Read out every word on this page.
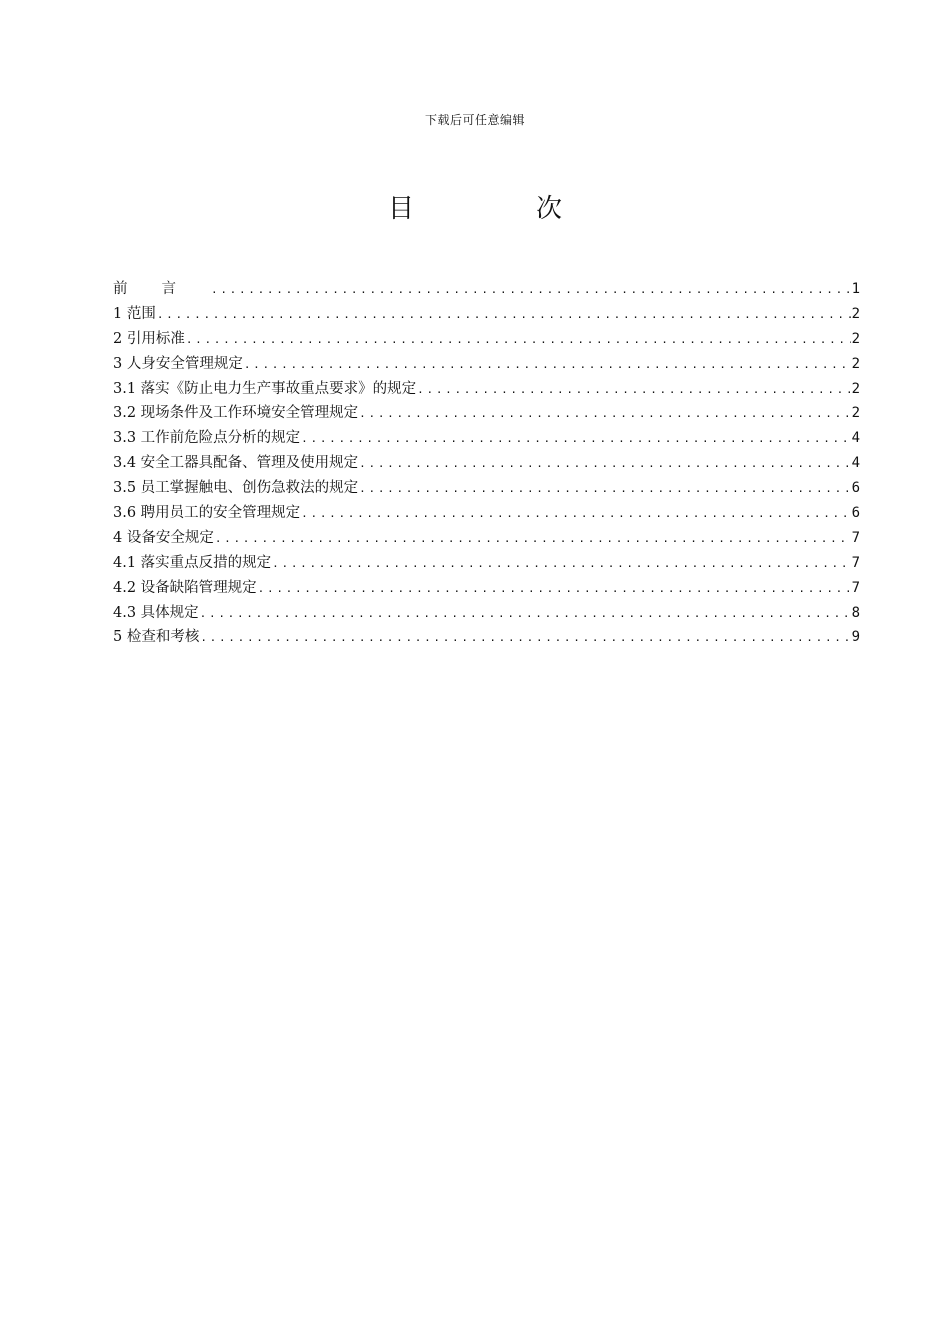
下载后可任意编辑
目　次
前言 .....	1
1 范围 .....	2
2 引用标准 .....	2
3 人身安全管理规定 .....	2
3.1 落实《防止电力生产事故重点要求》的规定 .....	2
3.2 现场条件及工作环境安全管理规定 .....	2
3.3 工作前危险点分析的规定 .....	4
3.4 安全工器具配备、管理及使用规定 .....	4
3.5 员工掌握触电、创伤急救法的规定 .....	6
3.6 聘用员工的安全管理规定 .....	6
4 设备安全规定 .....	7
4.1 落实重点反措的规定 .....	7
4.2 设备缺陷管理规定 .....	7
4.3 具体规定 .....	8
5 检查和考核 .....	9
